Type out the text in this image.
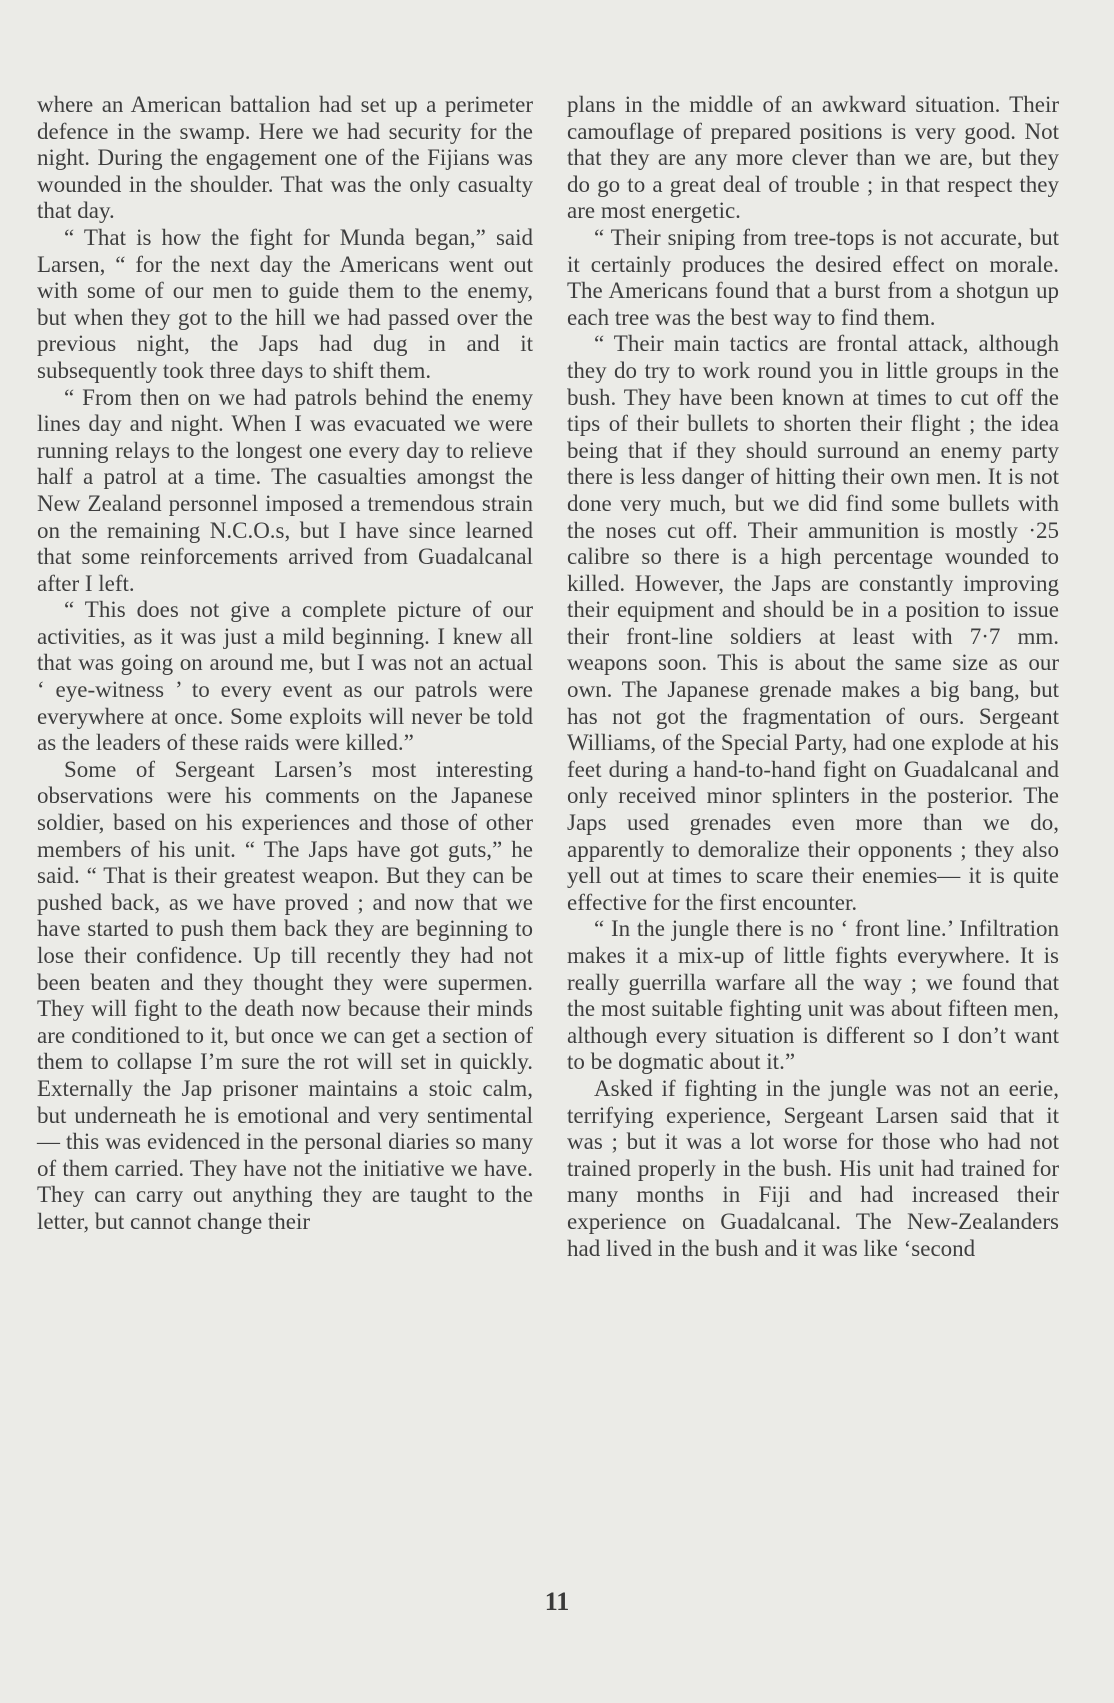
where an American battalion had set up a perimeter defence in the swamp. Here we had security for the night. During the engagement one of the Fijians was wounded in the shoulder. That was the only casualty that day.

“ That is how the fight for Munda began,” said Larsen, “ for the next day the Americans went out with some of our men to guide them to the enemy, but when they got to the hill we had passed over the previous night, the Japs had dug in and it subsequently took three days to shift them.

“ From then on we had patrols behind the enemy lines day and night. When I was evacuated we were running relays to the longest one every day to relieve half a patrol at a time. The casualties amongst the New Zealand personnel imposed a tremendous strain on the remaining N.C.O.s, but I have since learned that some reinforcements arrived from Guadalcanal after I left.

“ This does not give a complete picture of our activities, as it was just a mild beginning. I knew all that was going on around me, but I was not an actual ‘ eye-witness ’ to every event as our patrols were everywhere at once. Some exploits will never be told as the leaders of these raids were killed.”

Some of Sergeant Larsen’s most interesting observations were his comments on the Japanese soldier, based on his experiences and those of other members of his unit. “ The Japs have got guts,” he said. “ That is their greatest weapon. But they can be pushed back, as we have proved ; and now that we have started to push them back they are beginning to lose their confidence. Up till recently they had not been beaten and they thought they were supermen. They will fight to the death now because their minds are conditioned to it, but once we can get a section of them to collapse I’m sure the rot will set in quickly. Externally the Jap prisoner maintains a stoic calm, but underneath he is emotional and very sentimental— this was evidenced in the personal diaries so many of them carried. They have not the initiative we have. They can carry out anything they are taught to the letter, but cannot change their

plans in the middle of an awkward situation. Their camouflage of prepared positions is very good. Not that they are any more clever than we are, but they do go to a great deal of trouble ; in that respect they are most energetic.

“ Their sniping from tree-tops is not accurate, but it certainly produces the desired effect on morale. The Americans found that a burst from a shotgun up each tree was the best way to find them.

“ Their main tactics are frontal attack, although they do try to work round you in little groups in the bush. They have been known at times to cut off the tips of their bullets to shorten their flight ; the idea being that if they should surround an enemy party there is less danger of hitting their own men. It is not done very much, but we did find some bullets with the noses cut off. Their ammunition is mostly ·25 calibre so there is a high percentage wounded to killed. However, the Japs are constantly improving their equipment and should be in a position to issue their front-line soldiers at least with 7·7 mm. weapons soon. This is about the same size as our own. The Japanese grenade makes a big bang, but has not got the fragmentation of ours. Sergeant Williams, of the Special Party, had one explode at his feet during a hand-to-hand fight on Guadalcanal and only received minor splinters in the posterior. The Japs used grenades even more than we do, apparently to demoralize their opponents ; they also yell out at times to scare their enemies— it is quite effective for the first encounter.

“ In the jungle there is no ‘ front line.’ Infiltration makes it a mix-up of little fights everywhere. It is really guerrilla warfare all the way ; we found that the most suitable fighting unit was about fifteen men, although every situation is different so I don’t want to be dogmatic about it.”

Asked if fighting in the jungle was not an eerie, terrifying experience, Sergeant Larsen said that it was ; but it was a lot worse for those who had not trained properly in the bush. His unit had trained for many months in Fiji and had increased their experience on Guadalcanal. The New-Zealanders had lived in the bush and it was like ‘second

11
